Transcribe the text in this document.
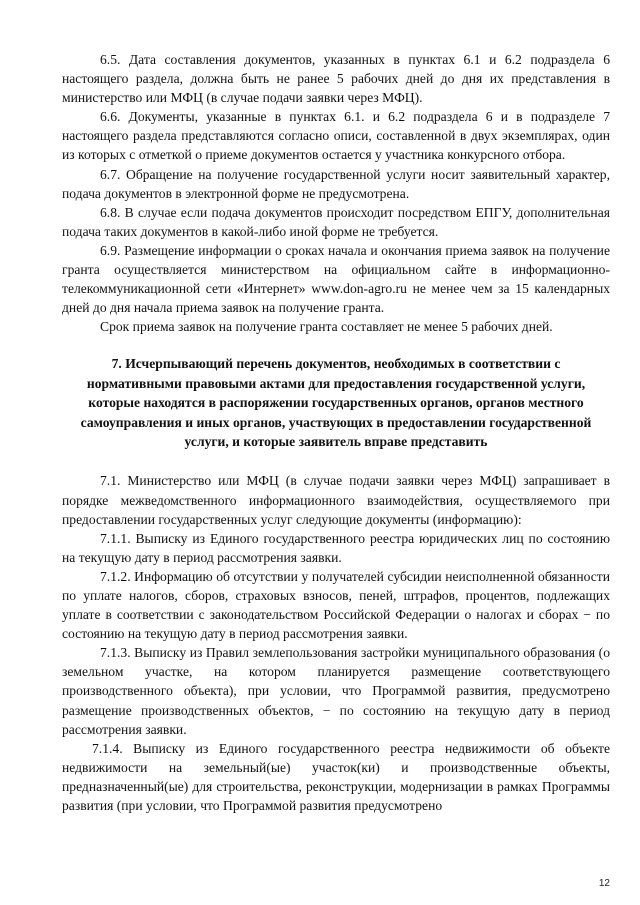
6.5. Дата составления документов, указанных в пунктах 6.1 и 6.2 подраздела 6 настоящего раздела, должна быть не ранее 5 рабочих дней до дня их представления в министерство или МФЦ (в случае подачи заявки через МФЦ).

6.6. Документы, указанные в пунктах 6.1. и 6.2 подраздела 6 и в подразделе 7 настоящего раздела представляются согласно описи, составленной в двух экземплярах, один из которых с отметкой о приеме документов остается у участника конкурсного отбора.

6.7. Обращение на получение государственной услуги носит заявительный характер, подача документов в электронной форме не предусмотрена.

6.8. В случае если подача документов происходит посредством ЕПГУ, дополнительная подача таких документов в какой-либо иной форме не требуется.

6.9. Размещение информации о сроках начала и окончания приема заявок на получение гранта осуществляется министерством на официальном сайте в информационно-телекоммуникационной сети «Интернет» www.don-agro.ru не менее чем за 15 календарных дней до дня начала приема заявок на получение гранта.

Срок приема заявок на получение гранта составляет не менее 5 рабочих дней.

7. Исчерпывающий перечень документов, необходимых в соответствии с нормативными правовыми актами для предоставления государственной услуги, которые находятся в распоряжении государственных органов, органов местного самоуправления и иных органов, участвующих в предоставлении государственной услуги, и которые заявитель вправе представить

7.1. Министерство или МФЦ (в случае подачи заявки через МФЦ) запрашивает в порядке межведомственного информационного взаимодействия, осуществляемого при предоставлении государственных услуг следующие документы (информацию):

7.1.1. Выписку из Единого государственного реестра юридических лиц по состоянию на текущую дату в период рассмотрения заявки.

7.1.2. Информацию об отсутствии у получателей субсидии неисполненной обязанности по уплате налогов, сборов, страховых взносов, пеней, штрафов, процентов, подлежащих уплате в соответствии с законодательством Российской Федерации о налогах и сборах − по состоянию на текущую дату в период рассмотрения заявки.

7.1.3. Выписку из Правил землепользования застройки муниципального образования (о земельном участке, на котором планируется размещение соответствующего производственного объекта), при условии, что Программой развития, предусмотрено размещение производственных объектов, − по состоянию на текущую дату в период рассмотрения заявки.

7.1.4. Выписку из Единого государственного реестра недвижимости об объекте недвижимости на земельный(ые) участок(ки) и производственные объекты, предназначенный(ые) для строительства, реконструкции, модернизации в рамках Программы развития (при условии, что Программой развития предусмотрено

12
